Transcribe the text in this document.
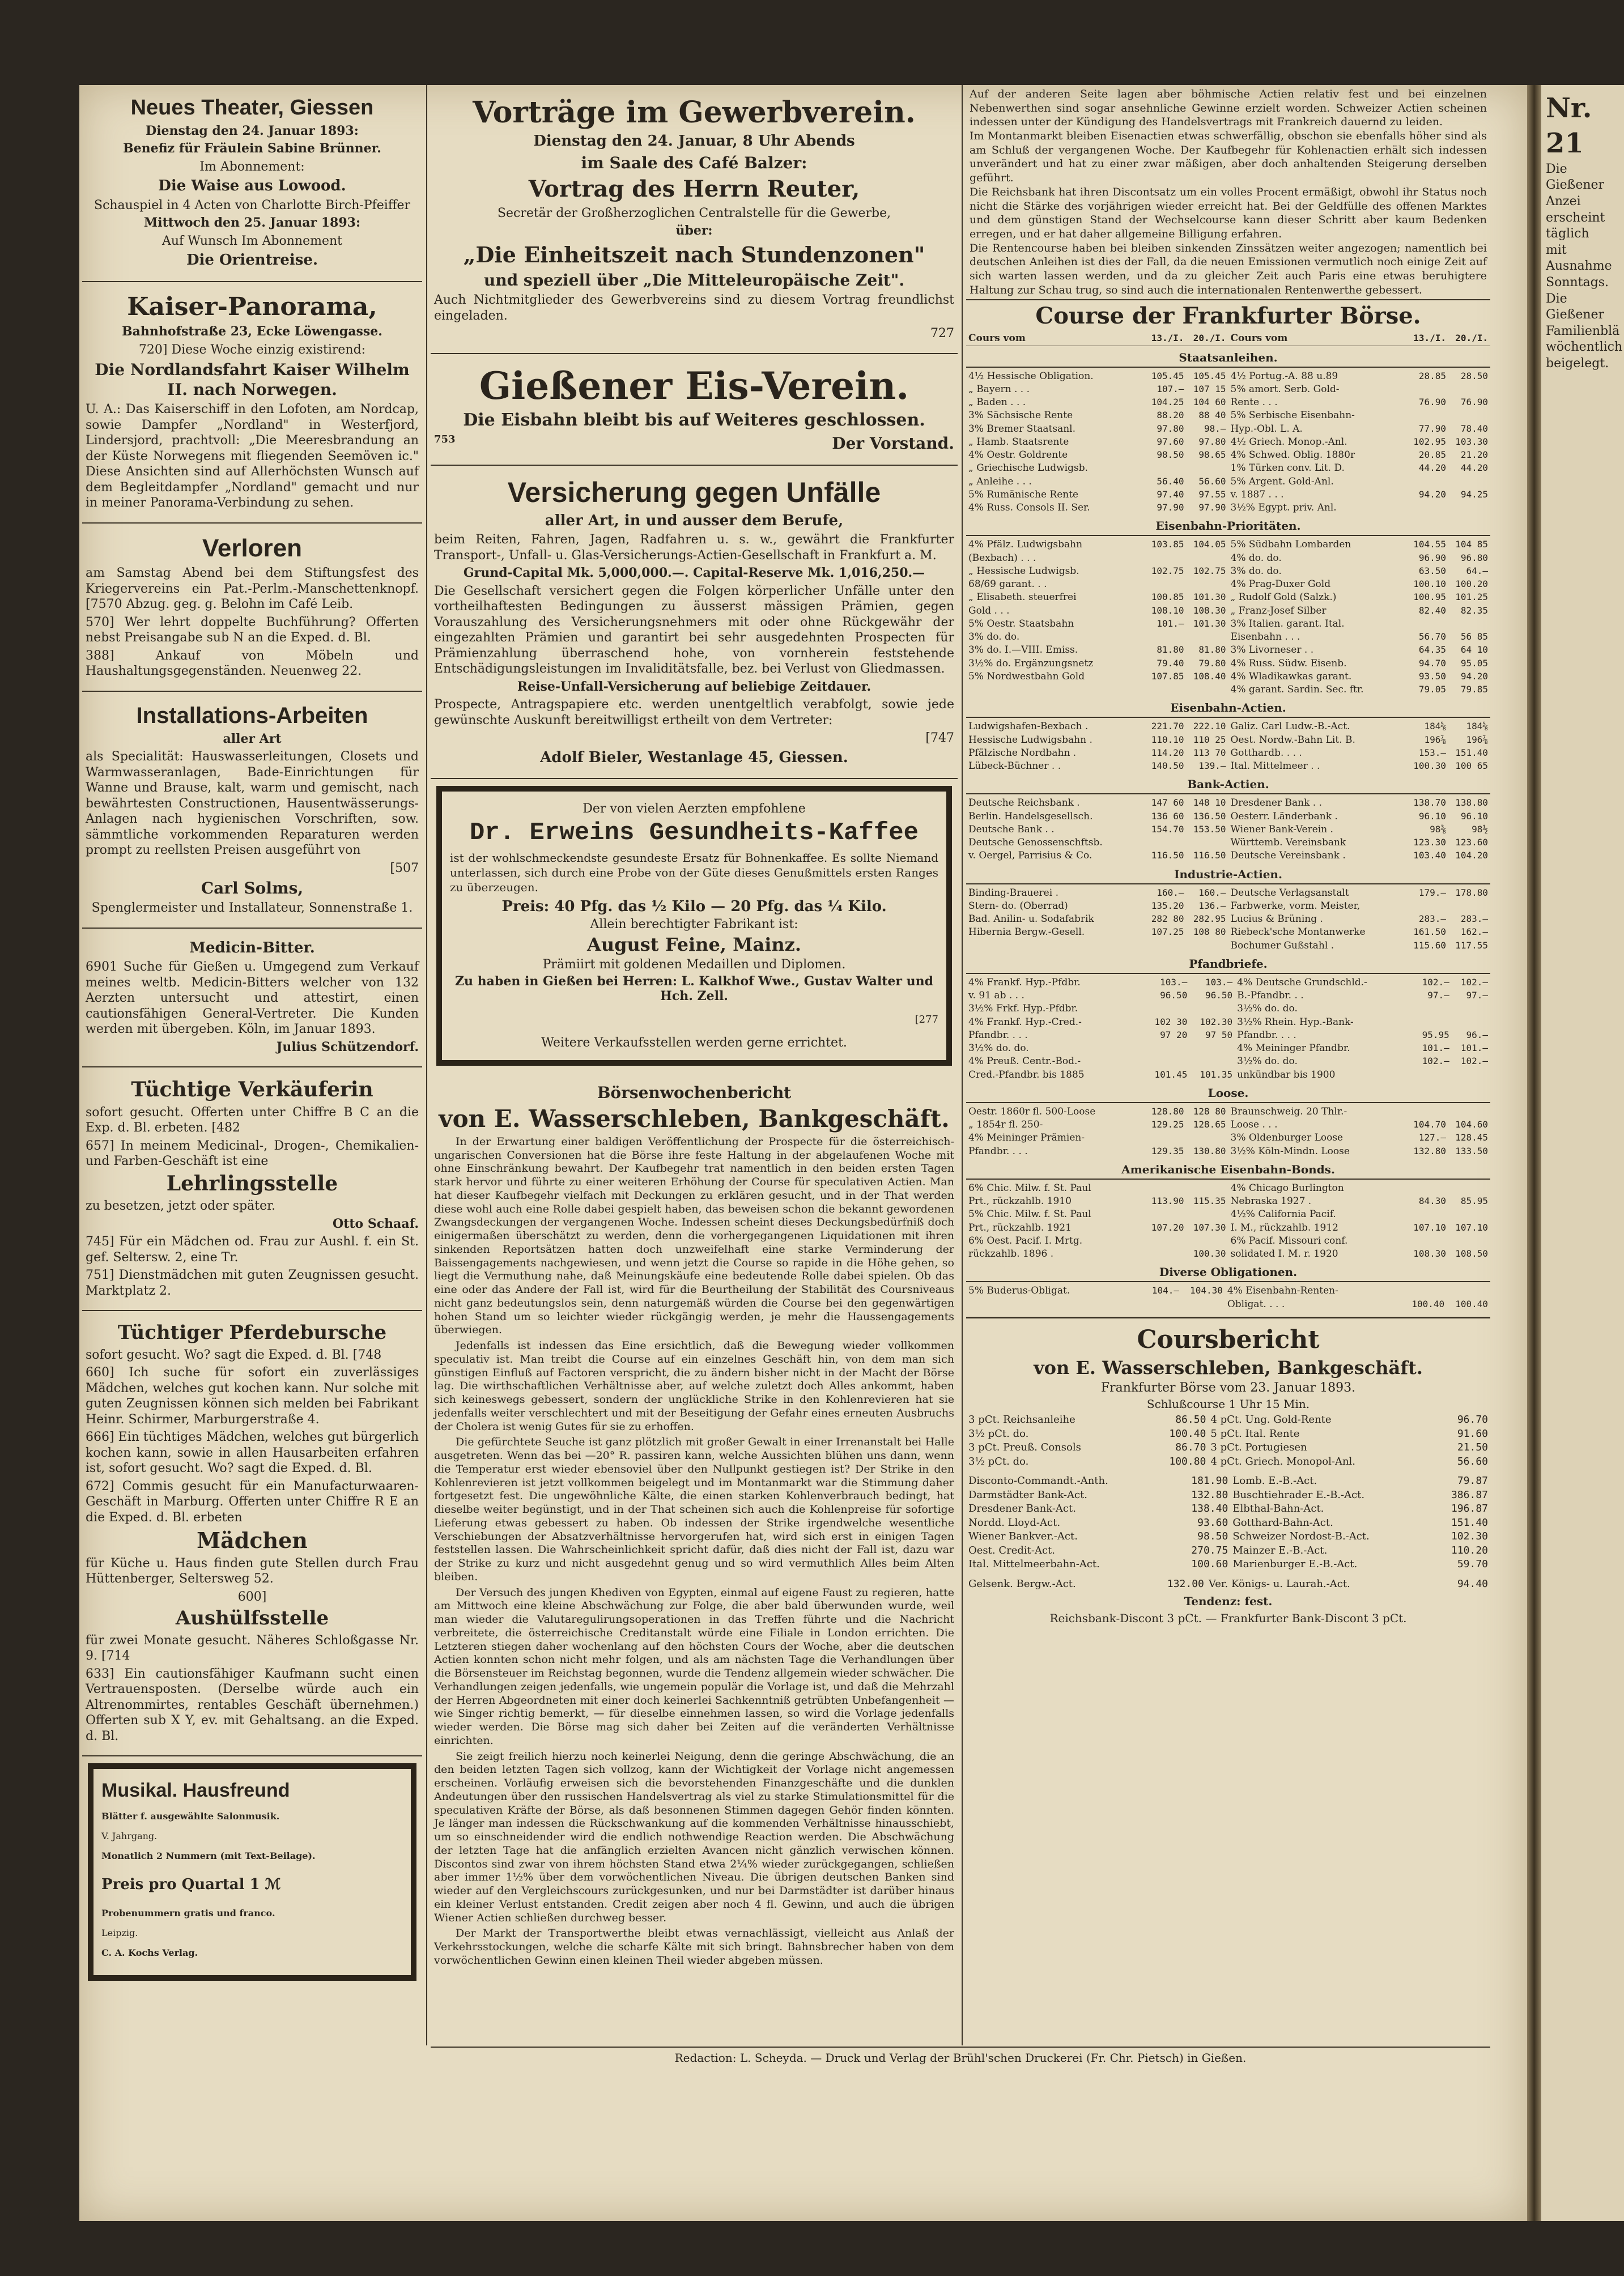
Nr. 21
Die
Gießener Anzei
erscheint täglich
mit Ausnahme
Sonntags.
Die Gießener
Familienblä
wöchentlich
beigelegt.
Neues Theater, Giessen

Dienstag den 24. Januar 1893:

Benefiz für Fräulein Sabine Brünner.

Im Abonnement:

Die Waise aus Lowood.

Schauspiel in 4 Acten von Charlotte Birch-Pfeiffer

Mittwoch den 25. Januar 1893:

Auf Wunsch Im Abonnement

Die Orientreise.

Kaiser-Panorama,

Bahnhofstraße 23, Ecke Löwengasse.

720] Diese Woche einzig existirend:

Die Nordlandsfahrt Kaiser Wilhelm II. nach Norwegen.

U. A.: Das Kaiserschiff in den Lofoten, am Nordcap, sowie Dampfer „Nordland" in Westerfjord, Lindersjord, prachtvoll: „Die Meeresbrandung an der Küste Norwegens mit fliegenden Seemöven ic." Diese Ansichten sind auf Allerhöchsten Wunsch auf dem Begleitdampfer „Nordland" gemacht und nur in meiner Panorama-Verbindung zu sehen.

Verloren

am Samstag Abend bei dem Stiftungsfest des Kriegervereins ein Pat.-Perlm.-Manschettenknopf. [7570 Abzug. geg. g. Belohn im Café Leib.

570] Wer lehrt doppelte Buchführung? Offerten nebst Preisangabe sub N an die Exped. d. Bl.

388] Ankauf von Möbeln und Haushaltungsgegenständen. Neuenweg 22.

Installations-Arbeiten

aller Art

als Specialität: Hauswasserleitungen, Closets und Warmwasseranlagen, Bade-Einrichtungen für Wanne und Brause, kalt, warm und gemischt, nach bewährtesten Constructionen, Hausentwässerungs-Anlagen nach hygienischen Vorschriften, sow. sämmtliche vorkommenden Reparaturen werden prompt zu reellsten Preisen ausgeführt von

[507

Carl Solms,

Spenglermeister und Installateur, Sonnenstraße 1.

Medicin-Bitter.

6901 Suche für Gießen u. Umgegend zum Verkauf meines weltb. Medicin-Bitters welcher von 132 Aerzten untersucht und attestirt, einen cautionsfähigen General-Vertreter. Die Kunden werden mit übergeben. Köln, im Januar 1893.

Julius Schützendorf.

Tüchtige Verkäuferin

sofort gesucht. Offerten unter Chiffre B C an die Exp. d. Bl. erbeten. [482

657] In meinem Medicinal-, Drogen-, Chemikalien- und Farben-Geschäft ist eine

Lehrlingsstelle

zu besetzen, jetzt oder später.

Otto Schaaf.

745] Für ein Mädchen od. Frau zur Aushl. f. ein St. gef. Seltersw. 2, eine Tr.

751] Dienstmädchen mit guten Zeugnissen gesucht. Marktplatz 2.

Tüchtiger Pferdebursche

sofort gesucht. Wo? sagt die Exped. d. Bl. [748

660] Ich suche für sofort ein zuverlässiges Mädchen, welches gut kochen kann. Nur solche mit guten Zeugnissen können sich melden bei Fabrikant Heinr. Schirmer, Marburgerstraße 4.

666] Ein tüchtiges Mädchen, welches gut bürgerlich kochen kann, sowie in allen Hausarbeiten erfahren ist, sofort gesucht. Wo? sagt die Exped. d. Bl.

672] Commis gesucht für ein Manufacturwaaren-Geschäft in Marburg. Offerten unter Chiffre R E an die Exped. d. Bl. erbeten

Mädchen

für Küche u. Haus finden gute Stellen durch Frau Hüttenberger, Seltersweg 52.

600]

Aushülfsstelle

für zwei Monate gesucht. Näheres Schloßgasse Nr. 9. [714

633] Ein cautionsfähiger Kaufmann sucht einen Vertrauensposten. (Derselbe würde auch ein Altrenommirtes, rentables Geschäft übernehmen.) Offerten sub X Y, ev. mit Gehaltsang. an die Exped. d. Bl.

Musikal. Hausfreund

Blätter f. ausgewählte Salonmusik.

V. Jahrgang.

Monatlich 2 Nummern (mit Text-Beilage).

Preis pro Quartal 1 ℳ

Probenummern gratis und franco.

Leipzig.

C. A. Kochs Verlag.

Vorträge im Gewerbverein.

Dienstag den 24. Januar, 8 Uhr Abends

im Saale des Café Balzer:

Vortrag des Herrn Reuter,

Secretär der Großherzoglichen Centralstelle für die Gewerbe,

über:

„Die Einheitszeit nach Stundenzonen"

und speziell über „Die Mitteleuropäische Zeit".

Auch Nichtmitglieder des Gewerbvereins sind zu diesem Vortrag freundlichst eingeladen.

727

Gießener Eis-Verein.

Die Eisbahn bleibt bis auf Weiteres geschlossen.

753	Der Vorstand.

Versicherung gegen Unfälle

aller Art, in und ausser dem Berufe,

beim Reiten, Fahren, Jagen, Radfahren u. s. w., gewährt die Frankfurter Transport-, Unfall- u. Glas-Versicherungs-Actien-Gesellschaft in Frankfurt a. M.

Grund-Capital Mk. 5,000,000.—. Capital-Reserve Mk. 1,016,250.—

Die Gesellschaft versichert gegen die Folgen körperlicher Unfälle unter den vortheilhaftesten Bedingungen zu äusserst mässigen Prämien, gegen Vorauszahlung des Versicherungsnehmers mit oder ohne Rückgewähr der eingezahlten Prämien und garantirt bei sehr ausgedehnten Prospecten für Prämienzahlung überraschend hohe, von vornherein feststehende Entschädigungsleistungen im Invaliditätsfalle, bez. bei Verlust von Gliedmassen.

Reise-Unfall-Versicherung auf beliebige Zeitdauer.

Prospecte, Antragspapiere etc. werden unentgeltlich verabfolgt, sowie jede gewünschte Auskunft bereitwilligst ertheilt von dem Vertreter:

[747

Adolf Bieler, Westanlage 45, Giessen.

Der von vielen Aerzten empfohlene

Dr. Erweins Gesundheits-Kaffee

ist der wohlschmeckendste gesundeste Ersatz für Bohnenkaffee. Es sollte Niemand unterlassen, sich durch eine Probe von der Güte dieses Genußmittels ersten Ranges zu überzeugen.

Preis: 40 Pfg. das ½ Kilo — 20 Pfg. das ¼ Kilo.

Allein berechtigter Fabrikant ist:

August Feine, Mainz.

Prämiirt mit goldenen Medaillen und Diplomen.

Zu haben in Gießen bei Herren: L. Kalkhof Wwe., Gustav Walter und Hch. Zell.

[277

Weitere Verkaufsstellen werden gerne errichtet.

Börsenwochenbericht

von E. Wasserschleben, Bankgeschäft.

In der Erwartung einer baldigen Veröffentlichung der Prospecte für die österreichisch-ungarischen Conversionen hat die Börse ihre feste Haltung in der abgelaufenen Woche mit ohne Einschränkung bewahrt. Der Kaufbegehr trat namentlich in den beiden ersten Tagen stark hervor und führte zu einer weiteren Erhöhung der Course für speculativen Actien. Man hat dieser Kaufbegehr vielfach mit Deckungen zu erklären gesucht, und in der That werden diese wohl auch eine Rolle dabei gespielt haben, das beweisen schon die bekannt gewordenen Zwangsdeckungen der vergangenen Woche. Indessen scheint dieses Deckungsbedürfniß doch einigermaßen überschätzt zu werden, denn die vorhergegangenen Liquidationen mit ihren sinkenden Reportsätzen hatten doch unzweifelhaft eine starke Verminderung der Baissengagements nachgewiesen, und wenn jetzt die Course so rapide in die Höhe gehen, so liegt die Vermuthung nahe, daß Meinungskäufe eine bedeutende Rolle dabei spielen. Ob das eine oder das Andere der Fall ist, wird für die Beurtheilung der Stabilität des Coursniveaus nicht ganz bedeutungslos sein, denn naturgemäß würden die Course bei den gegenwärtigen hohen Stand um so leichter wieder rückgängig werden, je mehr die Haussengagements überwiegen.

Jedenfalls ist indessen das Eine ersichtlich, daß die Bewegung wieder vollkommen speculativ ist. Man treibt die Course auf ein einzelnes Geschäft hin, von dem man sich günstigen Einfluß auf Factoren verspricht, die zu ändern bisher nicht in der Macht der Börse lag. Die wirthschaftlichen Verhältnisse aber, auf welche zuletzt doch Alles ankommt, haben sich keineswegs gebessert, sondern der unglückliche Strike in den Kohlenrevieren hat sie jedenfalls weiter verschlechtert und mit der Beseitigung der Gefahr eines erneuten Ausbruchs der Cholera ist wenig Gutes für sie zu erhoffen.

Die gefürchtete Seuche ist ganz plötzlich mit großer Gewalt in einer Irrenanstalt bei Halle ausgetreten. Wenn das bei —20° R. passiren kann, welche Aussichten blühen uns dann, wenn die Temperatur erst wieder ebensoviel über den Nullpunkt gestiegen ist? Der Strike in den Kohlenrevieren ist jetzt vollkommen beigelegt und im Montanmarkt war die Stimmung daher fortgesetzt fest. Die ungewöhnliche Kälte, die einen starken Kohlenverbrauch bedingt, hat dieselbe weiter begünstigt, und in der That scheinen sich auch die Kohlenpreise für sofortige Lieferung etwas gebessert zu haben. Ob indessen der Strike irgendwelche wesentliche Verschiebungen der Absatzverhältnisse hervorgerufen hat, wird sich erst in einigen Tagen feststellen lassen. Die Wahrscheinlichkeit spricht dafür, daß dies nicht der Fall ist, dazu war der Strike zu kurz und nicht ausgedehnt genug und so wird vermuthlich Alles beim Alten bleiben.

Der Versuch des jungen Khediven von Egypten, einmal auf eigene Faust zu regieren, hatte am Mittwoch eine kleine Abschwächung zur Folge, die aber bald überwunden wurde, weil man wieder die Valutaregulirungsoperationen in das Treffen führte und die Nachricht verbreitete, die österreichische Creditanstalt würde eine Filiale in London errichten. Die Letzteren stiegen daher wochenlang auf den höchsten Cours der Woche, aber die deutschen Actien konnten schon nicht mehr folgen, und als am nächsten Tage die Verhandlungen über die Börsensteuer im Reichstag begonnen, wurde die Tendenz allgemein wieder schwächer. Die Verhandlungen zeigen jedenfalls, wie ungemein populär die Vorlage ist, und daß die Mehrzahl der Herren Abgeordneten mit einer doch keinerlei Sachkenntniß getrübten Unbefangenheit — wie Singer richtig bemerkt, — für dieselbe einnehmen lassen, so wird die Vorlage jedenfalls wieder werden. Die Börse mag sich daher bei Zeiten auf die veränderten Verhältnisse einrichten.

Sie zeigt freilich hierzu noch keinerlei Neigung, denn die geringe Abschwächung, die an den beiden letzten Tagen sich vollzog, kann der Wichtigkeit der Vorlage nicht angemessen erscheinen. Vorläufig erweisen sich die bevorstehenden Finanzgeschäfte und die dunklen Andeutungen über den russischen Handelsvertrag als viel zu starke Stimulationsmittel für die speculativen Kräfte der Börse, als daß besonnenen Stimmen dagegen Gehör finden könnten. Je länger man indessen die Rückschwankung auf die kommenden Verhältnisse hinausschiebt, um so einschneidender wird die endlich nothwendige Reaction werden. Die Abschwächung der letzten Tage hat die anfänglich erzielten Avancen nicht gänzlich verwischen können. Discontos sind zwar von ihrem höchsten Stand etwa 2¼% wieder zurückgegangen, schließen aber immer 1½% über dem vorwöchentlichen Niveau. Die übrigen deutschen Banken sind wieder auf den Vergleichscours zurückgesunken, und nur bei Darmstädter ist darüber hinaus ein kleiner Verlust entstanden. Credit zeigen aber noch 4 fl. Gewinn, und auch die übrigen Wiener Actien schließen durchweg besser.

Der Markt der Transportwerthe bleibt etwas vernachlässigt, vielleicht aus Anlaß der Verkehrsstockungen, welche die scharfe Kälte mit sich bringt. Bahnsbrecher haben von dem vorwöchentlichen Gewinn einen kleinen Theil wieder abgeben müssen.

Auf der anderen Seite lagen aber böhmische Actien relativ fest und bei einzelnen Nebenwerthen sind sogar ansehnliche Gewinne erzielt worden. Schweizer Actien scheinen indessen unter der Kündigung des Handelsvertrags mit Frankreich dauernd zu leiden.
Im Montanmarkt bleiben Eisenactien etwas schwerfällig, obschon sie ebenfalls höher sind als am Schluß der vergangenen Woche. Der Kaufbegehr für Kohlenactien erhält sich indessen unverändert und hat zu einer zwar mäßigen, aber doch anhaltenden Steigerung derselben geführt.
Die Reichsbank hat ihren Discontsatz um ein volles Procent ermäßigt, obwohl ihr Status noch nicht die Stärke des vorjährigen wieder erreicht hat. Bei der Geldfülle des offenen Marktes und dem günstigen Stand der Wechselcourse kann dieser Schritt aber kaum Bedenken erregen, und er hat daher allgemeine Billigung erfahren.
Die Rentencourse haben bei bleiben sinkenden Zinssätzen weiter angezogen; namentlich bei deutschen Anleihen ist dies der Fall, da die neuen Emissionen vermutlich noch einige Zeit auf sich warten lassen werden, und da zu gleicher Zeit auch Paris eine etwas beruhigtere Haltung zur Schau trug, so sind auch die internationalen Rentenwerthe gebessert.

Course der Frankfurter Börse.
Cours vom	13./I.	20./I.	Cours vom	13./I.	20./I.
Staatsanleihen.
4½ Hessische Obligation.	105.45	105.45	4½ Portug.-A. 88 u.89	28.85	28.50
„ Bayern . . .	107.—	107 15	5% amort. Serb. Gold-		
„ Baden . . .	104.25	104 60	Rente . . .	76.90	76.90
3% Sächsische Rente	88.20	88 40	5% Serbische Eisenbahn-		
3% Bremer Staatsanl.	97.80	98.—	Hyp.-Obl. L. A.	77.90	78.40
„ Hamb. Staatsrente	97.60	97.80	4½ Griech. Monop.-Anl.	102.95	103.30
4% Oestr. Goldrente	98.50	98.65	4% Schwed. Oblig. 1880r	20.85	21.20
„ Griechische Ludwigsb.			1% Türken conv. Lit. D.	44.20	44.20
„ Anleihe . . .	56.40	56.60	5% Argent. Gold-Anl.		
5% Rumänische Rente	97.40	97.55	v. 1887 . . .	94.20	94.25
4% Russ. Consols II. Ser.	97.90	97.90	3½% Egypt. priv. Anl.		
Eisenbahn-Prioritäten.
4% Pfälz. Ludwigsbahn	103.85	104.05	5% Südbahn Lombarden	104.55	104 85
(Bexbach) . . .			4% do. do.	96.90	96.80
„ Hessische Ludwigsb.	102.75	102.75	3% do. do.	63.50	64.—
68/69 garant. . .			4% Prag-Duxer Gold	100.10	100.20
„ Elisabeth. steuerfrei	100.85	101.30	„ Rudolf Gold (Salzk.)	100.95	101.25
Gold . . .	108.10	108.30	„ Franz-Josef Silber	82.40	82.35
5% Oestr. Staatsbahn	101.—	101.30	3% Italien. garant. Ital.		
3% do. do.			Eisenbahn . . .	56.70	56 85
3% do. I.—VIII. Emiss.	81.80	81.80	3% Livorneser . .	64.35	64 10
3½% do. Ergänzungsnetz	79.40	79.80	4% Russ. Südw. Eisenb.	94.70	95.05
5% Nordwestbahn Gold	107.85	108.40	4% Wladikawkas garant.	93.50	94.20
			4% garant. Sardin. Sec. ftr.	79.05	79.85
Eisenbahn-Actien.
Ludwigshafen-Bexbach .	221.70	222.10	Galiz. Carl Ludw.-B.-Act.	184⅝	184⅝
Hessische Ludwigsbahn .	110.10	110 25	Oest. Nordw.-Bahn Lit. B.	196⅞	196⅞
Pfälzische Nordbahn .	114.20	113 70	Gotthardb. . . .	153.—	151.40
Lübeck-Büchner . .	140.50	139.—	Ital. Mittelmeer . .	100.30	100 65
Bank-Actien.
Deutsche Reichsbank .	147 60	148 10	Dresdener Bank . .	138.70	138.80
Berlin. Handelsgesellsch.	136 60	136.50	Oesterr. Länderbank .	96.10	96.10
Deutsche Bank . .	154.70	153.50	Wiener Bank-Verein .	98⅜	98½
Deutsche Genossenschftsb.			Württemb. Vereinsbank	123.30	123.60
v. Oergel, Parrisius & Co.	116.50	116.50	Deutsche Vereinsbank .	103.40	104.20
Industrie-Actien.
Binding-Brauerei .	160.—	160.—	Deutsche Verlagsanstalt	179.—	178.80
Stern- do. (Oberrad)	135.20	136.—	Farbwerke, vorm. Meister,		
Bad. Anilin- u. Sodafabrik	282 80	282.95	Lucius & Brüning .	283.—	283.—
Hibernia Bergw.-Gesell.	107.25	108 80	Riebeck'sche Montanwerke	161.50	162.—
			Bochumer Gußstahl .	115.60	117.55
Pfandbriefe.
4% Frankf. Hyp.-Pfdbr.	103.—	103.—	4% Deutsche Grundschld.-	102.—	102.—
v. 91 ab . . .	96.50	96.50	B.-Pfandbr. . .	97.—	97.—
3½% Frkf. Hyp.-Pfdbr.			3½% do. do.		
4% Frankf. Hyp.-Cred.-	102 30	102.30	3½% Rhein. Hyp.-Bank-		
Pfandbr. . . .	97 20	97 50	Pfandbr. . . .	95.95	96.—
3½% do. do.			4% Meininger Pfandbr.	101.—	101.—
4% Preuß. Centr.-Bod.-			3½% do. do.	102.—	102.—
Cred.-Pfandbr. bis 1885	101.45	101.35	unkündbar bis 1900		
Loose.
Oestr. 1860r fl. 500-Loose	128.80	128 80	Braunschweig. 20 Thlr.-		
„ 1854r fl. 250-	129.25	128.65	Loose . . .	104.70	104.60
4% Meininger Prämien-			3% Oldenburger Loose	127.—	128.45
Pfandbr. . . .	129.35	130.80	3½% Köln-Mindn. Loose	132.80	133.50
Amerikanische Eisenbahn-Bonds.
6% Chic. Milw. f. St. Paul			4% Chicago Burlington		
Prt., rückzahlb. 1910	113.90	115.35	Nebraska 1927 .	84.30	85.95
5% Chic. Milw. f. St. Paul			4½% California Pacif.		
Prt., rückzahlb. 1921	107.20	107.30	I. M., rückzahlb. 1912	107.10	107.10
6% Oest. Pacif. I. Mrtg.			6% Pacif. Missouri conf.		
rückzahlb. 1896 .		100.30	solidated I. M. r. 1920	108.30	108.50
Diverse Obligationen.
5% Buderus-Obligat.	104.—	104.30	4% Eisenbahn-Renten-		
			Obligat. . . .	100.40	100.40
Coursbericht

von E. Wasserschleben, Bankgeschäft.

Frankfurter Börse vom 23. Januar 1893.

Schlußcourse 1 Uhr 15 Min.

3 pCt. Reichsanleihe	86.50	4 pCt. Ung. Gold-Rente	96.70
3½ pCt. do.	100.40	5 pCt. Ital. Rente	91.60
3 pCt. Preuß. Consols	86.70	3 pCt. Portugiesen	21.50
3½ pCt. do.	100.80	4 pCt. Griech. Monopol-Anl.	56.60
Disconto-Commandt.-Anth.	181.90	Lomb. E.-B.-Act.	79.87
Darmstädter Bank-Act.	132.80	Buschtiehrader E.-B.-Act.	386.87
Dresdener Bank-Act.	138.40	Elbthal-Bahn-Act.	196.87
Nordd. Lloyd-Act.	93.60	Gotthard-Bahn-Act.	151.40
Wiener Bankver.-Act.	98.50	Schweizer Nordost-B.-Act.	102.30
Oest. Credit-Act.	270.75	Mainzer E.-B.-Act.	110.20
Ital. Mittelmeerbahn-Act.	100.60	Marienburger E.-B.-Act.	59.70
Gelsenk. Bergw.-Act.	132.00	Ver. Königs- u. Laurah.-Act.	94.40

Tendenz: fest.

Reichsbank-Discont 3 pCt. — Frankfurter Bank-Discont 3 pCt.

Redaction: L. Scheyda. — Druck und Verlag der Brühl'schen Druckerei (Fr. Chr. Pietsch) in Gießen.
